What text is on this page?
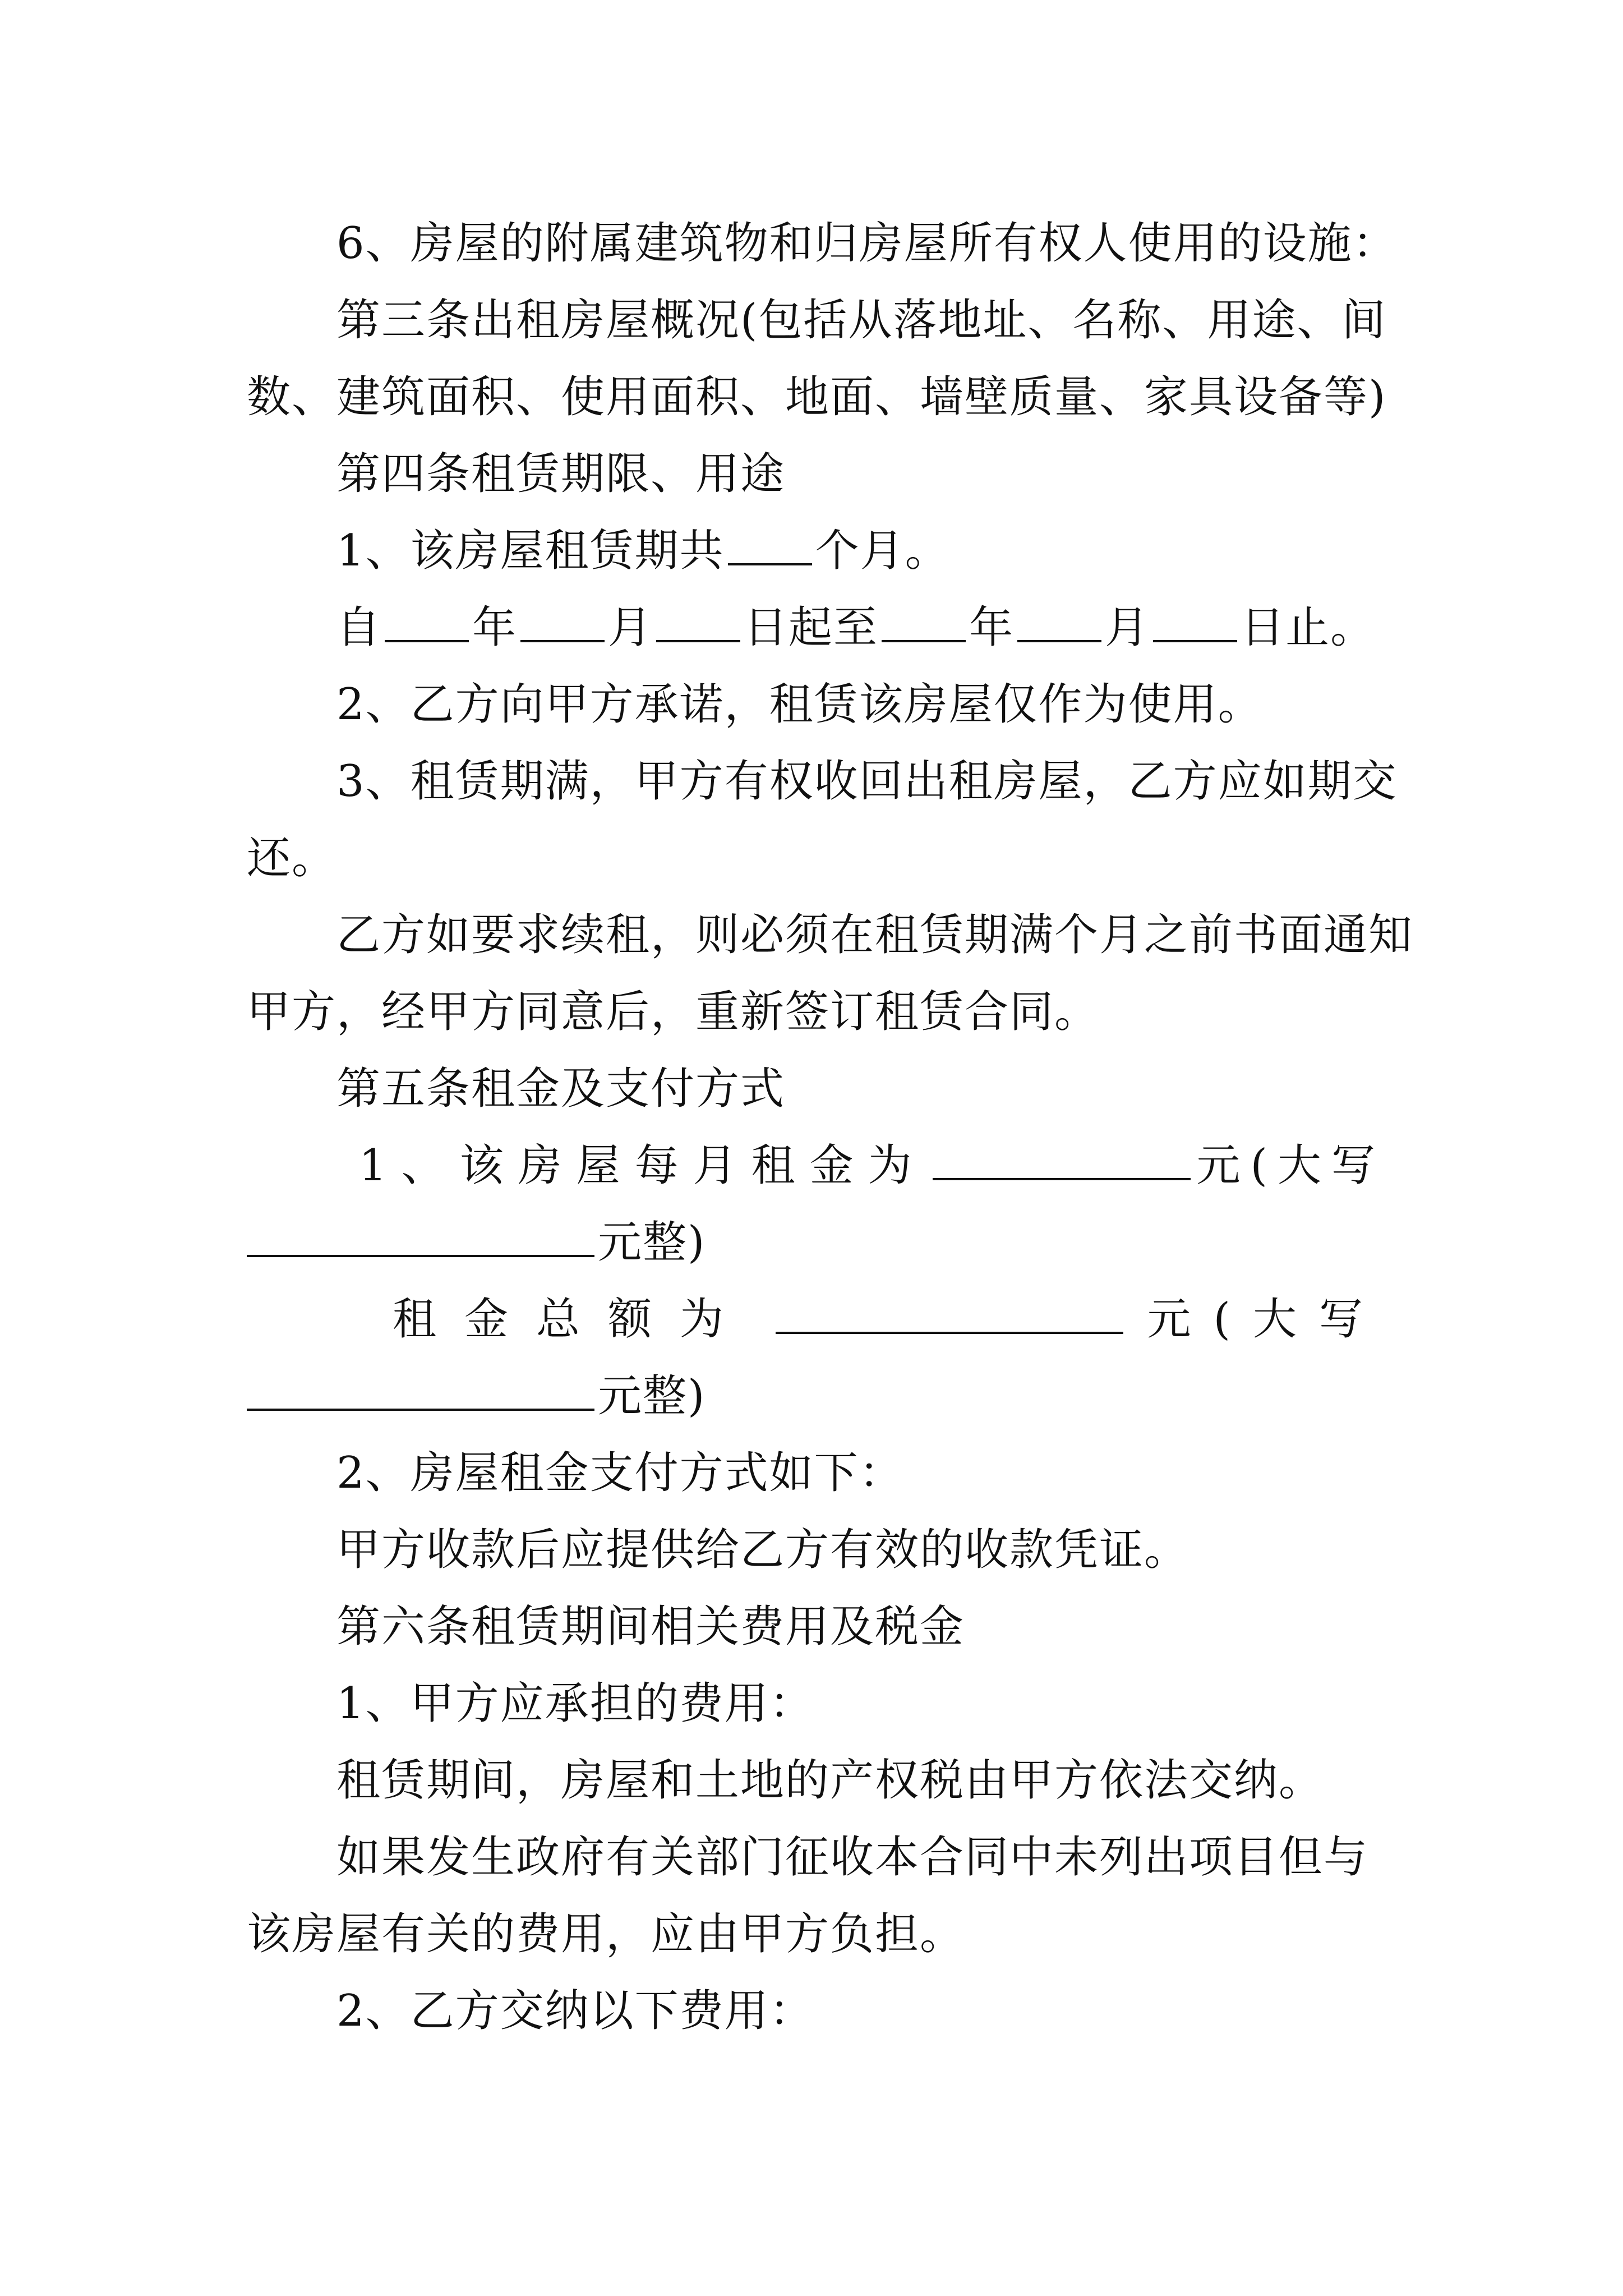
6、房屋的附属建筑物和归房屋所有权人使用的设施：
第三条出租房屋概况(包括从落地址、名称、用途、间
数、建筑面积、使用面积、地面、墙壁质量、家具设备等)
第四条租赁期限、用途
1、该房屋租赁期共 个月。
自 年 月 日起至 年 月 日止。
2、乙方向甲方承诺，租赁该房屋仅作为使用。
3、租赁期满，甲方有权收回出租房屋，乙方应如期交
还。
乙方如要求续租，则必须在租赁期满个月之前书面通知
甲方，经甲方同意后，重新签订租赁合同。
第五条租金及支付方式
1、该房屋每月租金为	元(大写
元整)
租金总额为	元(大写
元整)
2、房屋租金支付方式如下：
甲方收款后应提供给乙方有效的收款凭证。
第六条租赁期间相关费用及税金
1、甲方应承担的费用：
租赁期间，房屋和土地的产权税由甲方依法交纳。
如果发生政府有关部门征收本合同中未列出项目但与
该房屋有关的费用，应由甲方负担。
2、乙方交纳以下费用：
